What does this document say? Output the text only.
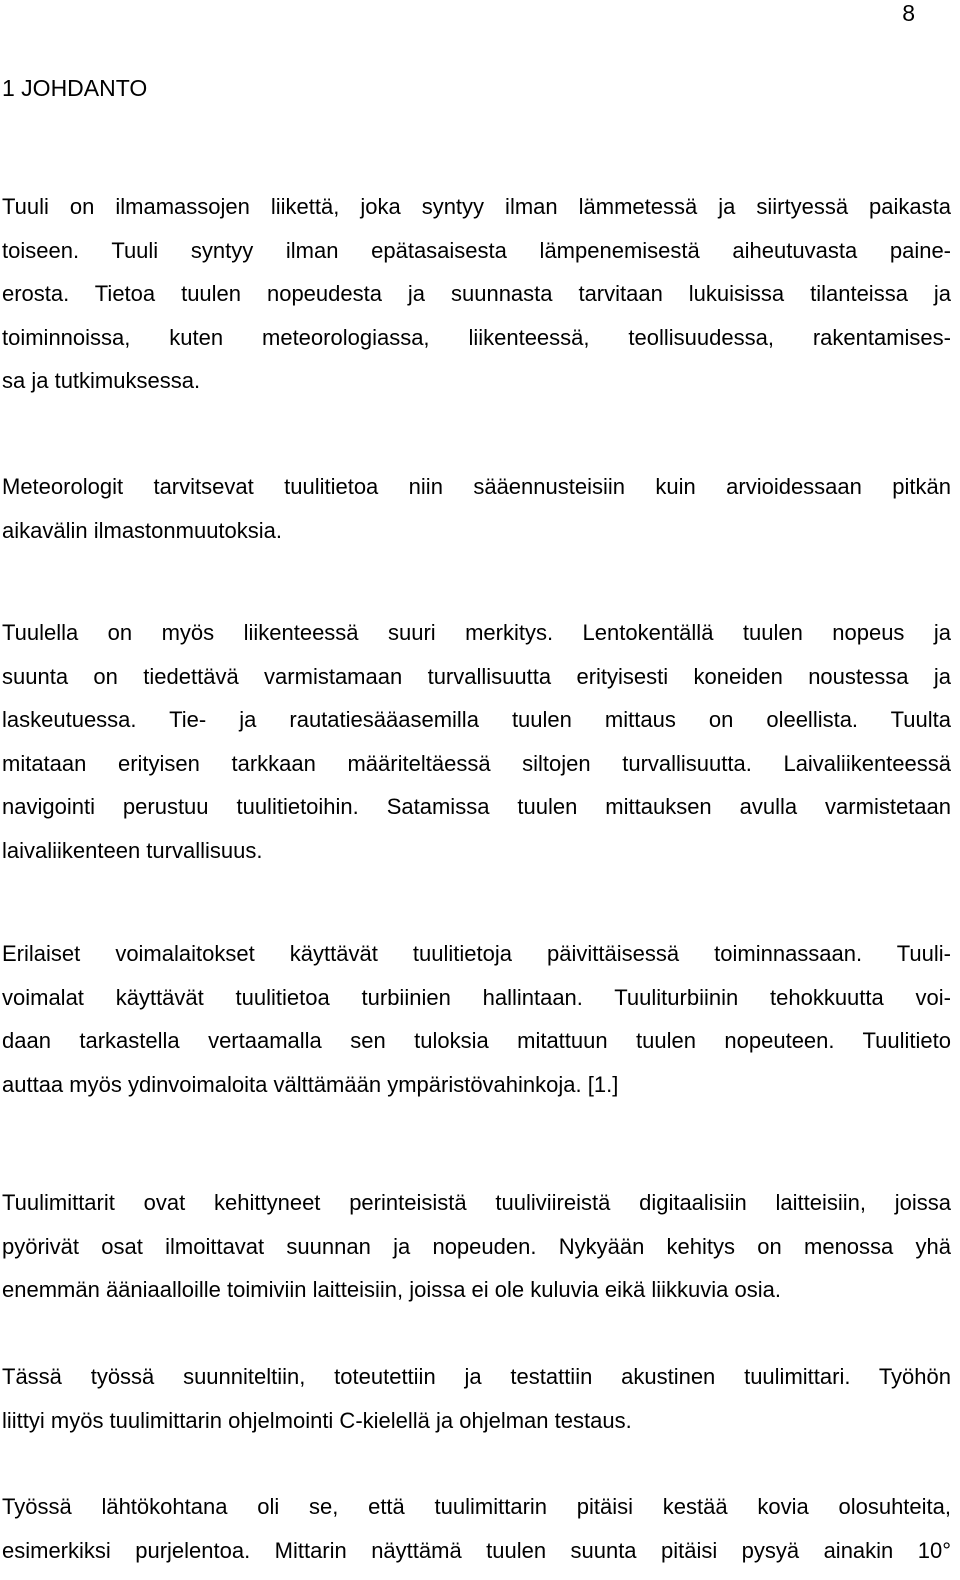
8
1 JOHDANTO

Tuuli on ilmamassojen liikettä, joka syntyy ilman lämmetessä ja siirtyessä paikasta
toiseen. Tuuli syntyy ilman epätasaisesta lämpenemisestä aiheutuvasta paine-
erosta. Tietoa tuulen nopeudesta ja suunnasta tarvitaan lukuisissa tilanteissa ja
toiminnoissa, kuten meteorologiassa, liikenteessä, teollisuudessa, rakentamises-
sa ja tutkimuksessa.

Meteorologit tarvitsevat tuulitietoa niin sääennusteisiin kuin arvioidessaan pitkän
aikavälin ilmastonmuutoksia.

Tuulella on myös liikenteessä suuri merkitys. Lentokentällä tuulen nopeus ja
suunta on tiedettävä varmistamaan turvallisuutta erityisesti koneiden noustessa ja
laskeutuessa. Tie- ja rautatiesääasemilla tuulen mittaus on oleellista. Tuulta
mitataan erityisen tarkkaan määriteltäessä siltojen turvallisuutta. Laivaliikenteessä
navigointi perustuu tuulitietoihin. Satamissa tuulen mittauksen avulla varmistetaan
laivaliikenteen turvallisuus.

Erilaiset voimalaitokset käyttävät tuulitietoja päivittäisessä toiminnassaan. Tuuli-
voimalat käyttävät tuulitietoa turbiinien hallintaan. Tuuliturbiinin tehokkuutta voi-
daan tarkastella vertaamalla sen tuloksia mitattuun tuulen nopeuteen. Tuulitieto
auttaa myös ydinvoimaloita välttämään ympäristövahinkoja. [1.]

Tuulimittarit ovat kehittyneet perinteisistä tuuliviireistä digitaalisiin laitteisiin, joissa
pyörivät osat ilmoittavat suunnan ja nopeuden. Nykyään kehitys on menossa yhä
enemmän ääniaalloille toimiviin laitteisiin, joissa ei ole kuluvia eikä liikkuvia osia.

Tässä työssä suunniteltiin, toteutettiin ja testattiin akustinen tuulimittari. Työhön
liittyi myös tuulimittarin ohjelmointi C-kielellä ja ohjelman testaus.

Työssä lähtökohtana oli se, että tuulimittarin pitäisi kestää kovia olosuhteita,
esimerkiksi purjelentoa. Mittarin näyttämä tuulen suunta pitäisi pysyä ainakin 10°
